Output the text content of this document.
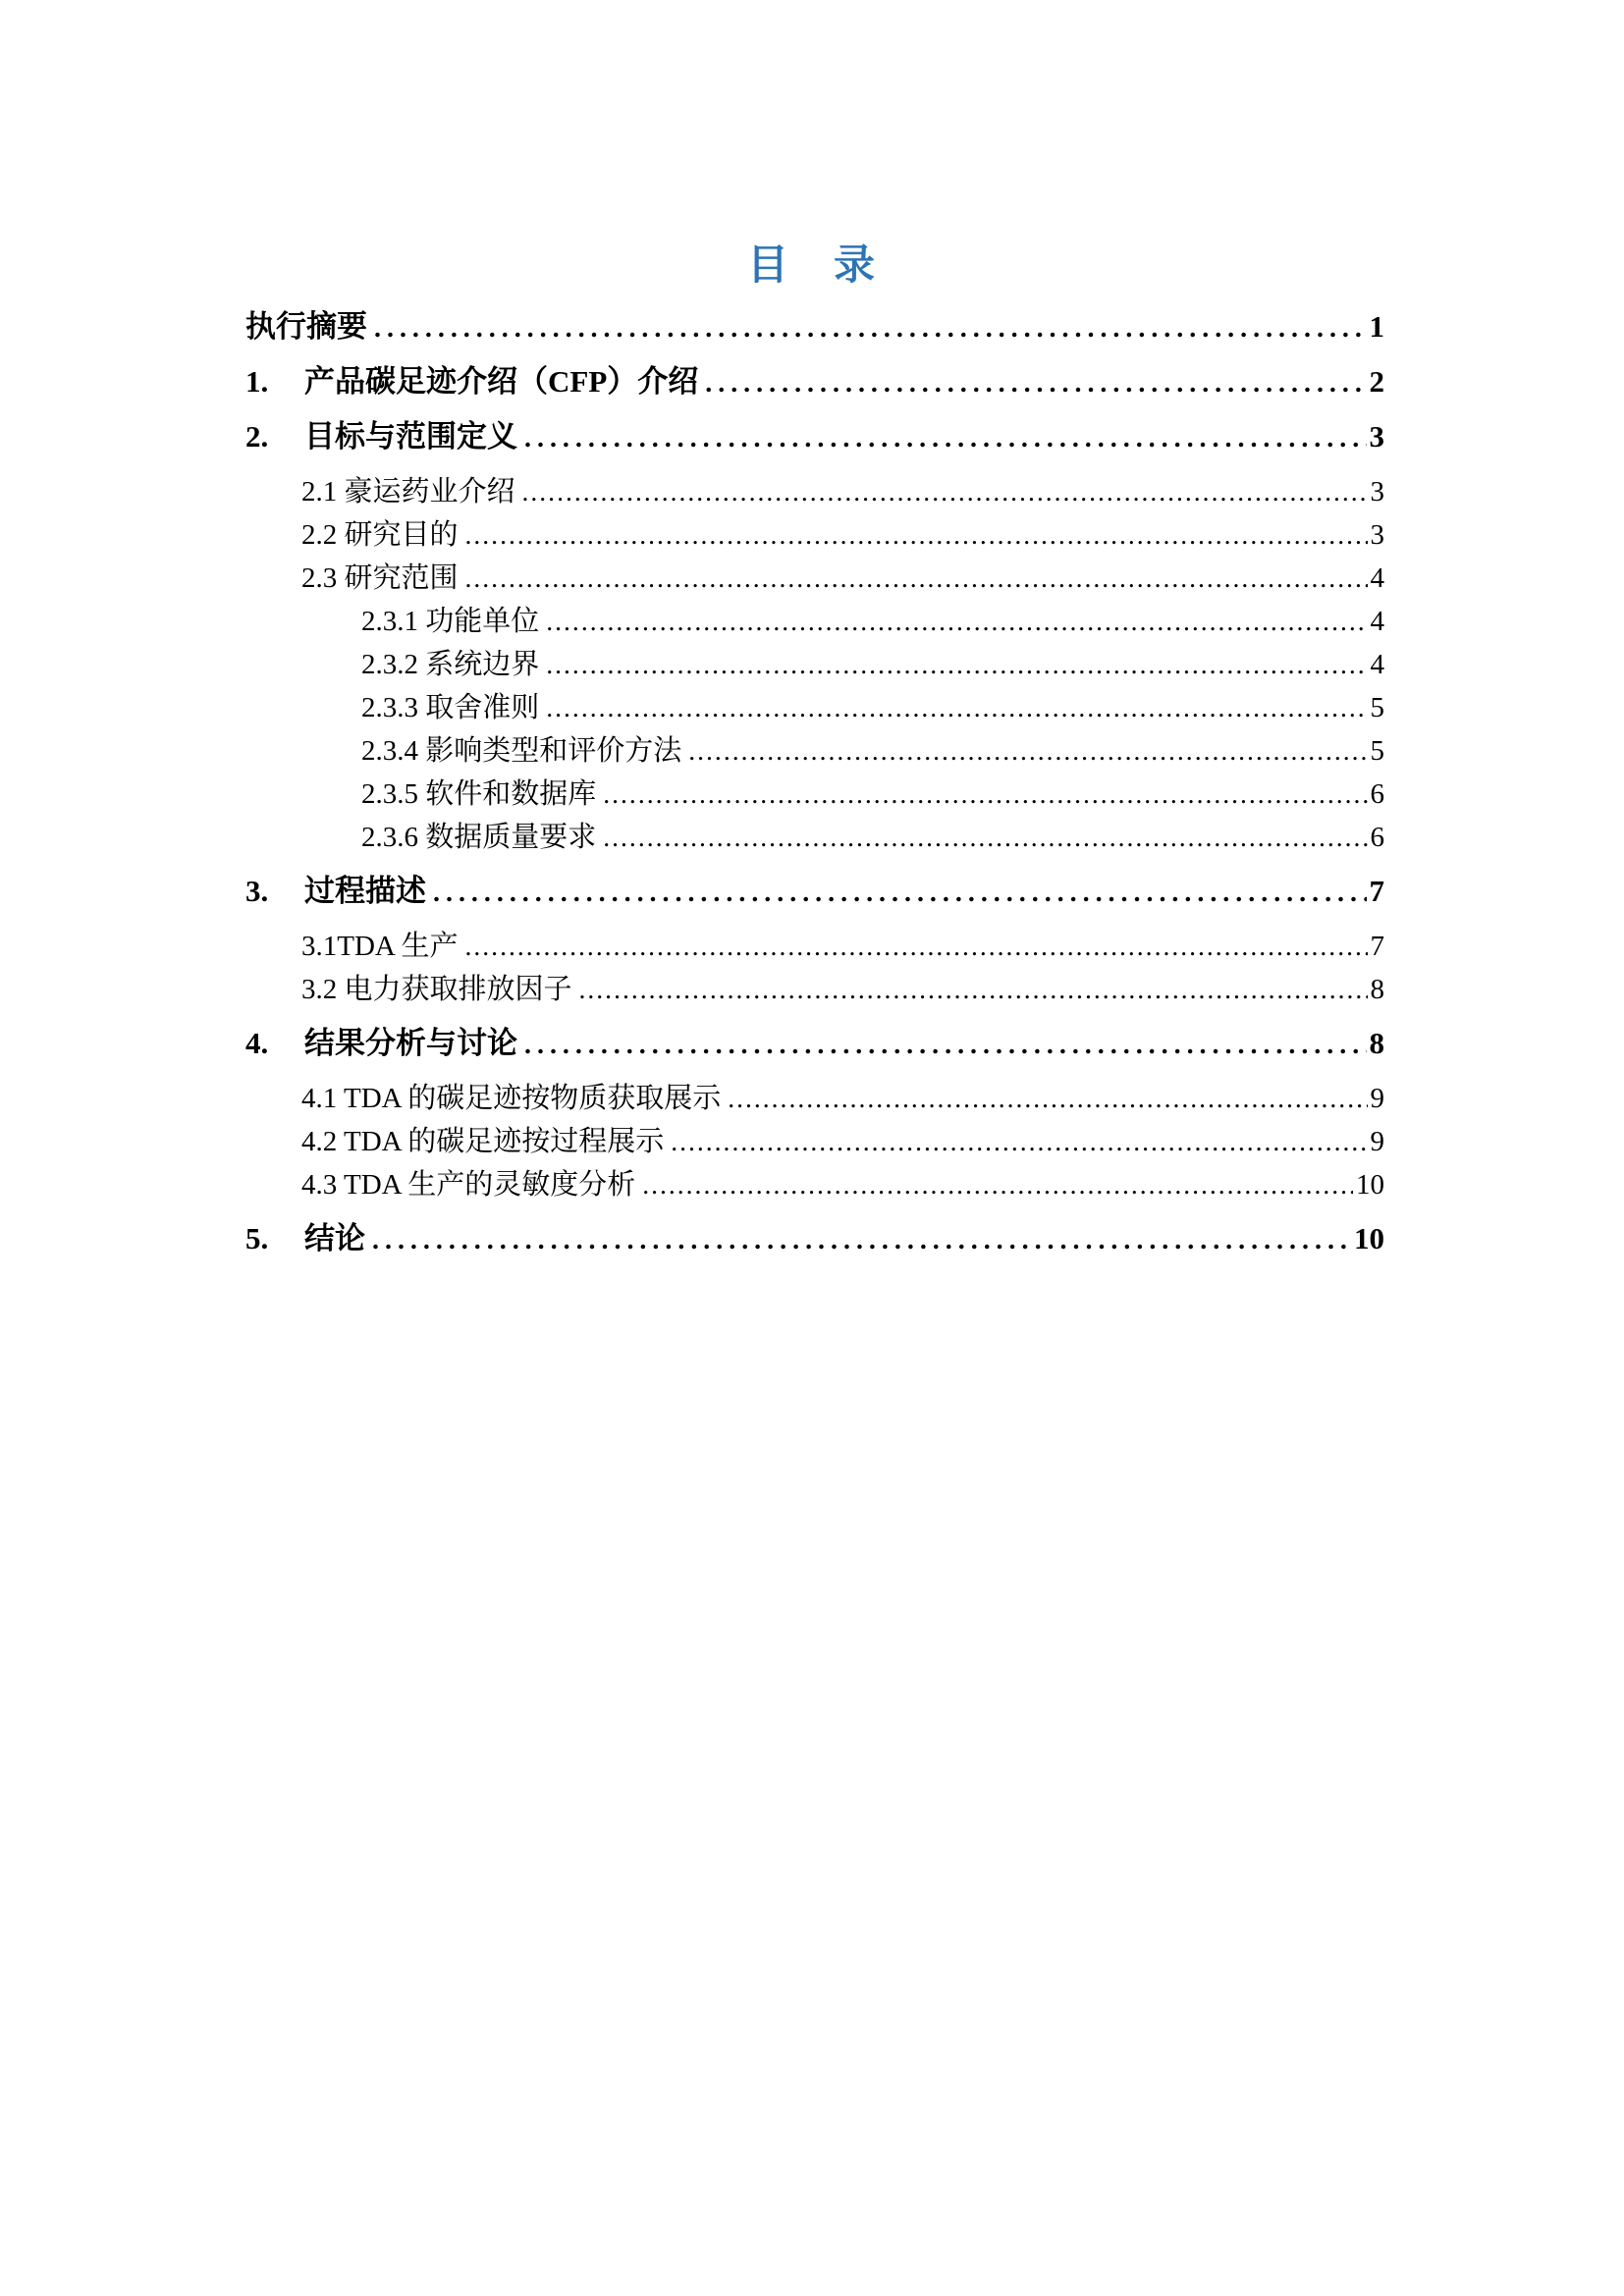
目　录
执行摘要 .....	1
1.	产品碳足迹介绍（CFP）介绍 .....	2
2.	目标与范围定义 .....	3
2.1 豪运药业介绍 .....	3
2.2 研究目的 .....	3
2.3 研究范围 .....	4
2.3.1 功能单位 .....	4
2.3.2 系统边界 .....	4
2.3.3 取舍准则 .....	5
2.3.4 影响类型和评价方法 .....	5
2.3.5 软件和数据库 .....	6
2.3.6 数据质量要求 .....	6
3.	过程描述 .....	7
3.1TDA 生产 .....	7
3.2 电力获取排放因子 .....	8
4.	结果分析与讨论 .....	8
4.1 TDA 的碳足迹按物质获取展示 .....	9
4.2 TDA 的碳足迹按过程展示 .....	9
4.3 TDA 生产的灵敏度分析 .....	10
5.	结论 .....	10
